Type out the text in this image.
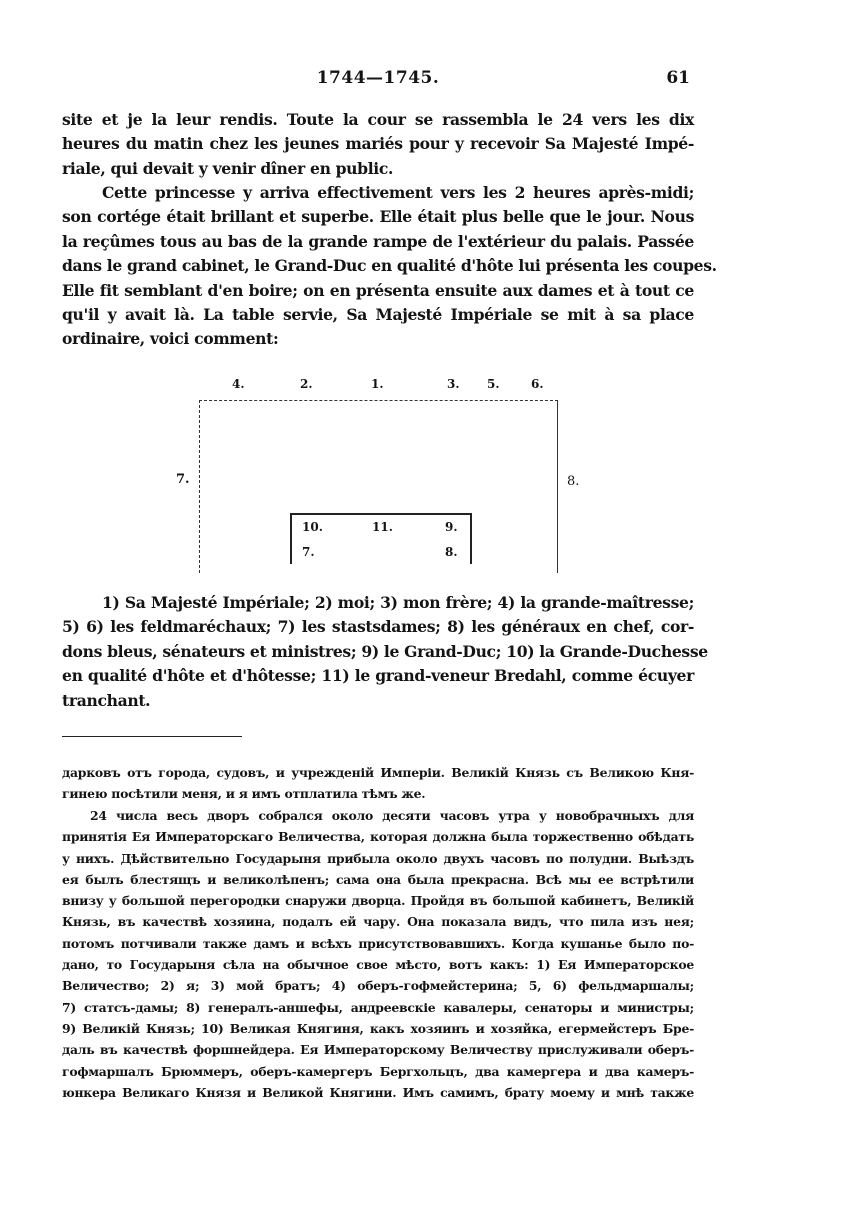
1744—1745.	61
site et je la leur rendis. Toute la cour se rassembla le 24 vers les dix
heures du matin chez les jeunes mariés pour y recevoir Sa Majesté Impé-
riale, qui devait y venir dîner en public.
Cette princesse y arriva effectivement vers les 2 heures après-midi;
son cortége était brillant et superbe. Elle était plus belle que le jour. Nous
la reçûmes tous au bas de la grande rampe de l'extérieur du palais. Passée
dans le grand cabinet, le Grand-Duc en qualité d'hôte lui présenta les coupes.
Elle fit semblant d'en boire; on en présenta ensuite aux dames et à tout ce
qu'il y avait là. La table servie, Sa Majesté Impériale se mit à sa place
ordinaire, voici comment:
4.	2.	1.	3. 5.	6.
7.	8.
10.	11.	9.
7.	8.
1) Sa Majesté Impériale; 2) moi; 3) mon frère; 4) la grande-maîtresse;
5) 6) les feldmaréchaux; 7) les stastsdames; 8) les généraux en chef, cor-
dons bleus, sénateurs et ministres; 9) le Grand-Duc; 10) la Grande-Duchesse
en qualité d'hôte et d'hôtesse; 11) le grand-veneur Bredahl, comme écuyer
tranchant.
дарковъ отъ города, судовъ, и учрежденій Имперіи. Великій Князь съ Великою Кня-
гинею посѣтили меня, и я имъ отплатила тѣмъ же.
24 числа весь дворъ собрался около десяти часовъ утра у новобрачныхъ для
принятія Ея Императорскаго Величества, которая должна была торжественно обѣдать
у нихъ. Дѣйствительно Государыня прибыла около двухъ часовъ по полудни. Выѣздъ
ея былъ блестящъ и великолѣпенъ; сама она была прекрасна. Всѣ мы ее встрѣтили
внизу у большой перегородки снаружи дворца. Пройдя въ большой кабинетъ, Великій
Князь, въ качествѣ хозяина, подалъ ей чару. Она показала видъ, что пила изъ нея;
потомъ потчивали также дамъ и всѣхъ присутствовавшихъ. Когда кушанье было по-
дано, то Государыня сѣла на обычное свое мѣсто, вотъ какъ: 1) Ея Императорское
Величество; 2) я; 3) мой братъ; 4) оберъ-гофмейстерина; 5, 6) фельдмаршалы;
7) статсъ-дамы; 8) генералъ-аншефы, андреевскіе кавалеры, сенаторы и министры;
9) Великій Князь; 10) Великая Княгиня, какъ хозяинъ и хозяйка, егермейстеръ Бре-
даль въ качествѣ форшнейдера. Ея Императорскому Величеству прислуживали оберъ-
гофмаршалъ Брюммеръ, оберъ-камергеръ Бергхольцъ, два камергера и два камеръ-
юнкера Великаго Князя и Великой Княгини. Имъ самимъ, брату моему и мнѣ также
